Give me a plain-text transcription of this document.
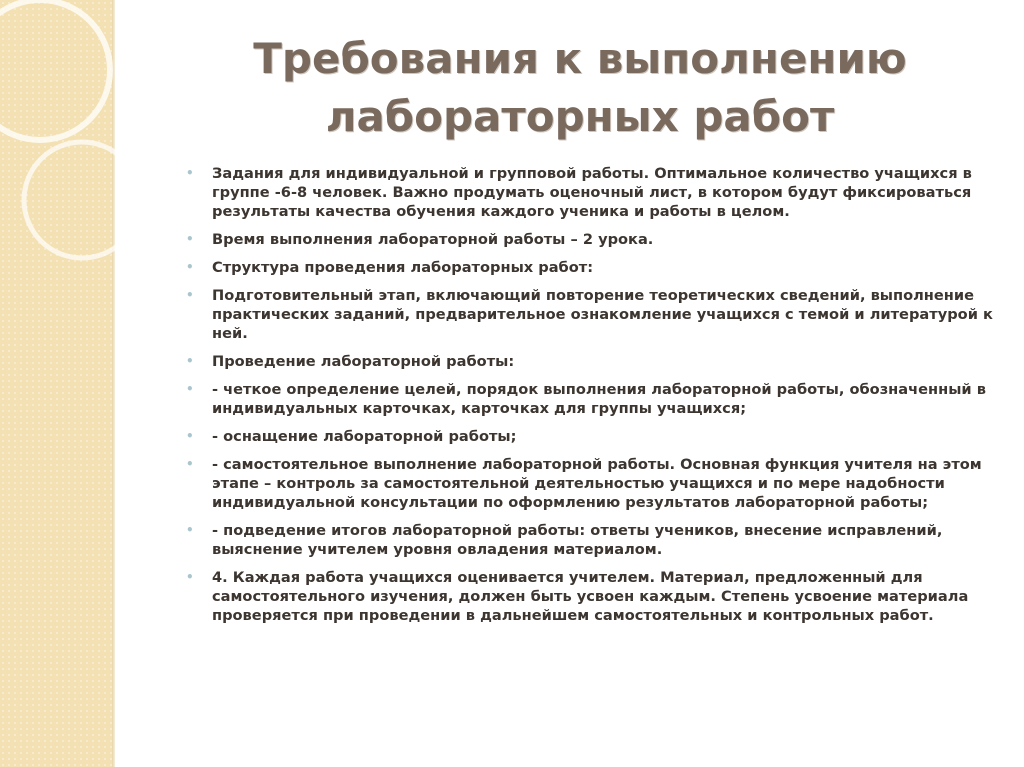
Требования к выполнению
лабораторных работ
•	Задания для индивидуальной и групповой работы. Оптимальное количество учащихся в группе -6-8 человек. Важно продумать оценочный лист, в котором будут фиксироваться результаты качества обучения каждого ученика и работы в целом.
•	Время выполнения лабораторной работы – 2 урока.
•	Структура проведения лабораторных работ:
•	Подготовительный этап, включающий повторение теоретических сведений, выполнение практических заданий, предварительное ознакомление учащихся с темой и литературой к ней.
•	Проведение лабораторной работы:
•	- четкое определение целей, порядок выполнения лабораторной работы, обозначенный в индивидуальных карточках, карточках для группы учащихся;
•	- оснащение лабораторной работы;
•	- самостоятельное выполнение лабораторной работы. Основная функция учителя на этом этапе – контроль за самостоятельной деятельностью учащихся и по мере надобности индивидуальной консультации по оформлению результатов лабораторной работы;
•	- подведение итогов лабораторной работы: ответы учеников, внесение исправлений, выяснение учителем уровня овладения материалом.
•	4. Каждая работа учащихся оценивается учителем. Материал, предложенный для самостоятельного изучения, должен быть усвоен каждым. Степень усвоение материала проверяется при проведении в дальнейшем самостоятельных и контрольных работ.
